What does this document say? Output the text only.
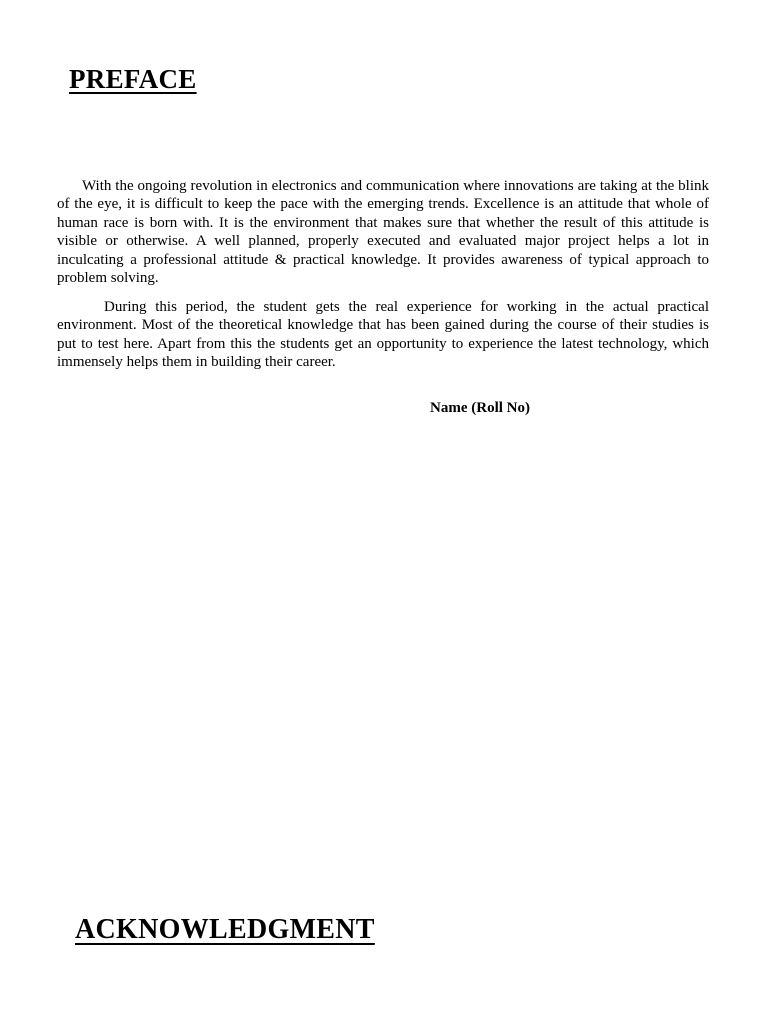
PREFACE

With the ongoing revolution in electronics and communication where innovations are taking at the blink of the eye, it is difficult to keep the pace with the emerging trends. Excellence is an attitude that whole of human race is born with. It is the environment that makes sure that whether the result of this attitude is visible or otherwise. A well planned, properly executed and evaluated major project helps a lot in inculcating a professional attitude & practical knowledge. It provides awareness of typical approach to problem solving.

During this period, the student gets the real experience for working in the actual practical environment. Most of the theoretical knowledge that has been gained during the course of their studies is put to test here. Apart from this the students get an opportunity to experience the latest technology, which immensely helps them in building their career.

Name (Roll No)

ACKNOWLEDGMENT
